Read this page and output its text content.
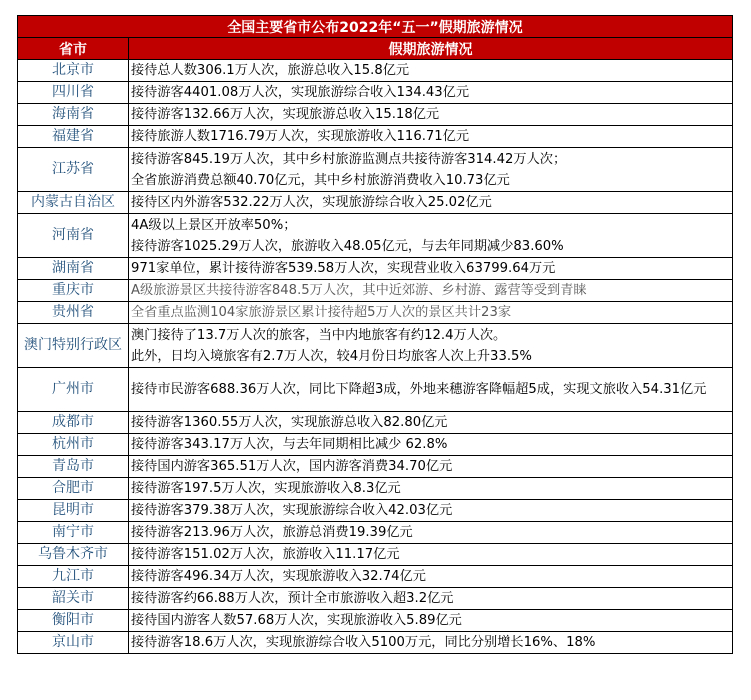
全国主要省市公布2022年“五一”假期旅游情况	
省市	假期旅游情况
北京市	接待总人数306.1万人次，旅游总收入15.8亿元

四川省	接待游客4401.08万人次，实现旅游综合收入134.43亿元

海南省	接待游客132.66万人次，实现旅游总收入15.18亿元

福建省	接待旅游人数1716.79万人次，实现旅游收入116.71亿元

江苏省	接待游客845.19万人次，其中乡村旅游监测点共接待游客314.42万人次；
全省旅游消费总额40.70亿元，其中乡村旅游消费收入10.73亿元

内蒙古自治区	接待区内外游客532.22万人次，实现旅游综合收入25.02亿元

河南省	4A级以上景区开放率50%；
接待游客1025.29万人次，旅游收入48.05亿元，与去年同期减少83.60%

湖南省	971家单位，累计接待游客539.58万人次，实现营业收入63799.64万元

重庆市	A级旅游景区共接待游客848.5万人次，其中近郊游、乡村游、露营等受到青睐

贵州省	全省重点监测104家旅游景区累计接待超5万人次的景区共计23家

澳门特别行政区	澳门接待了13.7万人次的旅客，当中内地旅客有约12.4万人次。
此外，日均入境旅客有2.7万人次，较4月份日均旅客人次上升33.5%

广州市	接待市民游客688.36万人次，同比下降超3成，外地来穗游客降幅超5成，实现文旅收入54.31亿元

成都市	接待游客1360.55万人次，实现旅游总收入82.80亿元

杭州市	接待游客343.17万人次，与去年同期相比减少 62.8%

青岛市	接待国内游客365.51万人次，国内游客消费34.70亿元

合肥市	接待游客197.5万人次，实现旅游收入8.3亿元

昆明市	接待游客379.38万人次，实现旅游综合收入42.03亿元

南宁市	接待游客213.96万人次，旅游总消费19.39亿元

乌鲁木齐市	接待游客151.02万人次，旅游收入11.17亿元

九江市	接待游客496.34万人次，实现旅游收入32.74亿元

韶关市	接待游客约66.88万人次，预计全市旅游收入超3.2亿元

衡阳市	接待国内游客人数57.68万人次，实现旅游收入5.89亿元

京山市	接待游客18.6万人次，实现旅游综合收入5100万元，同比分别增长16%、18%
